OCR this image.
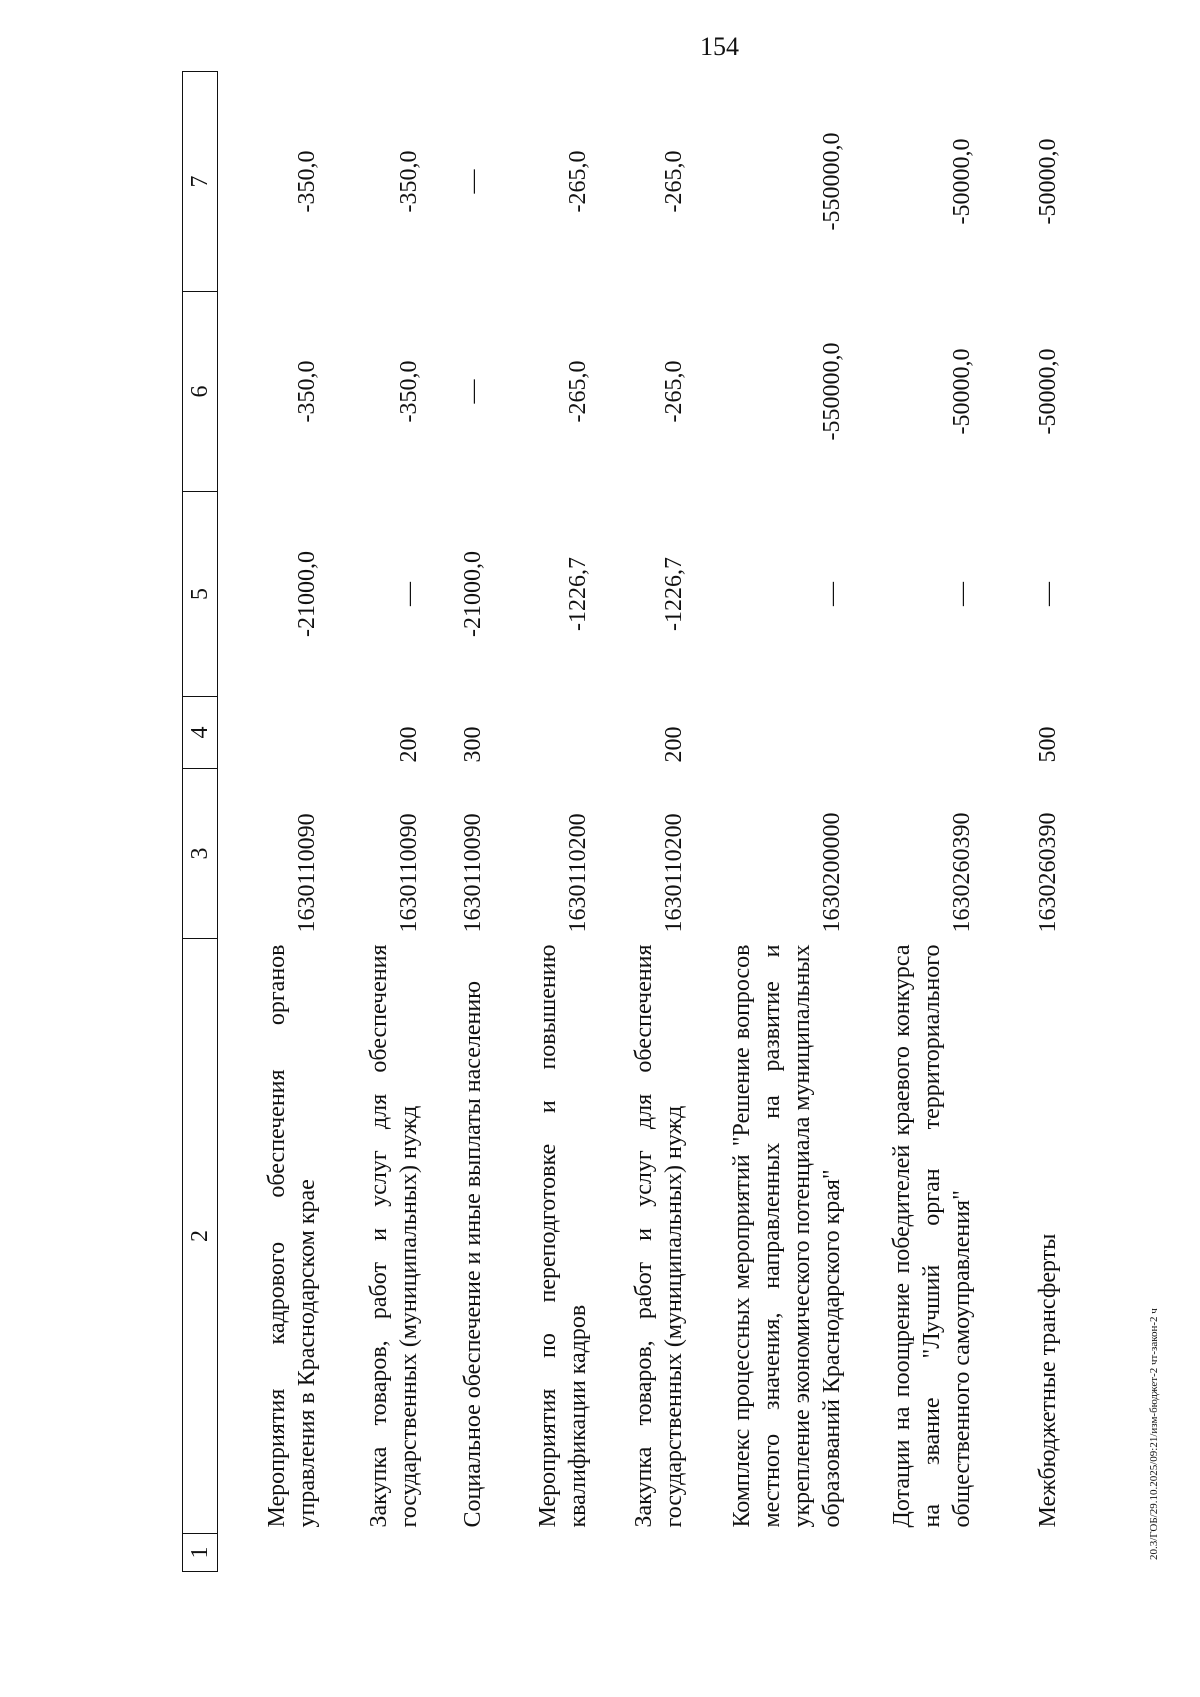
154
1	2	3	4	5	6	7
	Мероприятия кадрового обеспечения органов управления в Краснодарском крае	1630110090		-21000,0	-350,0	-350,0
	Закупка товаров, работ и услуг для обеспечения государственных (муниципальных) нужд	1630110090	200	—	-350,0	-350,0
	Социальное обеспечение и иные выплаты населению	1630110090	300	-21000,0	—	—
	Мероприятия по переподготовке и повышению квалификации кадров	1630110200		-1226,7	-265,0	-265,0
	Закупка товаров, работ и услуг для обеспечения государственных (муниципальных) нужд	1630110200	200	-1226,7	-265,0	-265,0
	Комплекс процессных мероприятий "Решение вопросов местного значения, направленных на развитие и укрепление экономического потенциала муниципальных образований Краснодарского края"	1630200000		—	-550000,0	-550000,0
	Дотации на поощрение победителей краевого конкурса на звание "Лучший орган территориального общественного самоуправления"	1630260390		—	-50000,0	-50000,0
	Межбюджетные трансферты	1630260390	500	—	-50000,0	-50000,0
20.3/ГОБ/29.10.2025/09:21/изм-бюджет-2 чт-закон-2 ч
